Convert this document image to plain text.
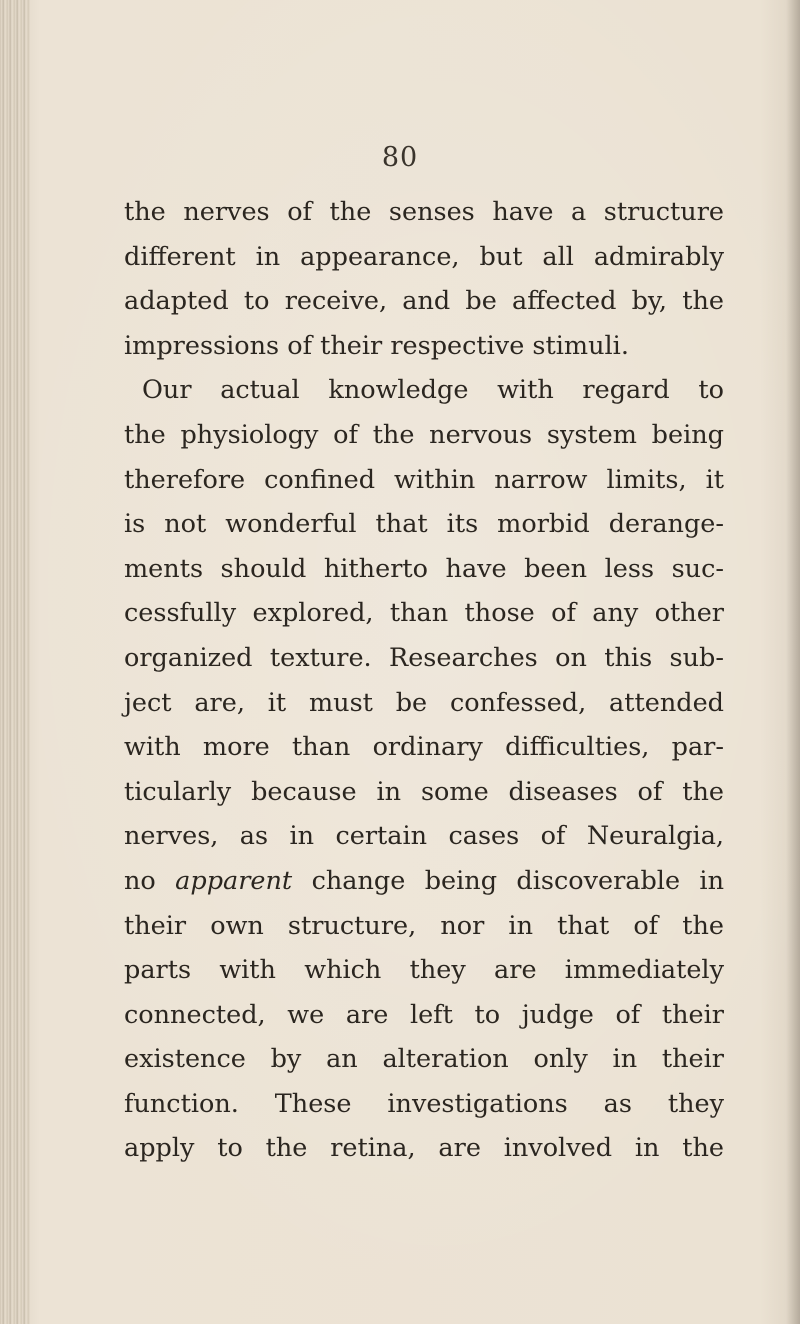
80
the nerves of the senses have a structure
different in appearance, but all admirably
adapted to receive, and be affected by, the
impressions of their respective stimuli.
Our actual knowledge with regard to
the physiology of the nervous system being
therefore confined within narrow limits, it
is not wonderful that its morbid derange-
ments should hitherto have been less suc-
cessfully explored, than those of any other
organized texture. Researches on this sub-
ject are, it must be confessed, attended
with more than ordinary difficulties, par-
ticularly because in some diseases of the
nerves, as in certain cases of Neuralgia,
no apparent change being discoverable in
their own structure, nor in that of the
parts with which they are immediately
connected, we are left to judge of their
existence by an alteration only in their
function. These investigations as they
apply to the retina, are involved in the
